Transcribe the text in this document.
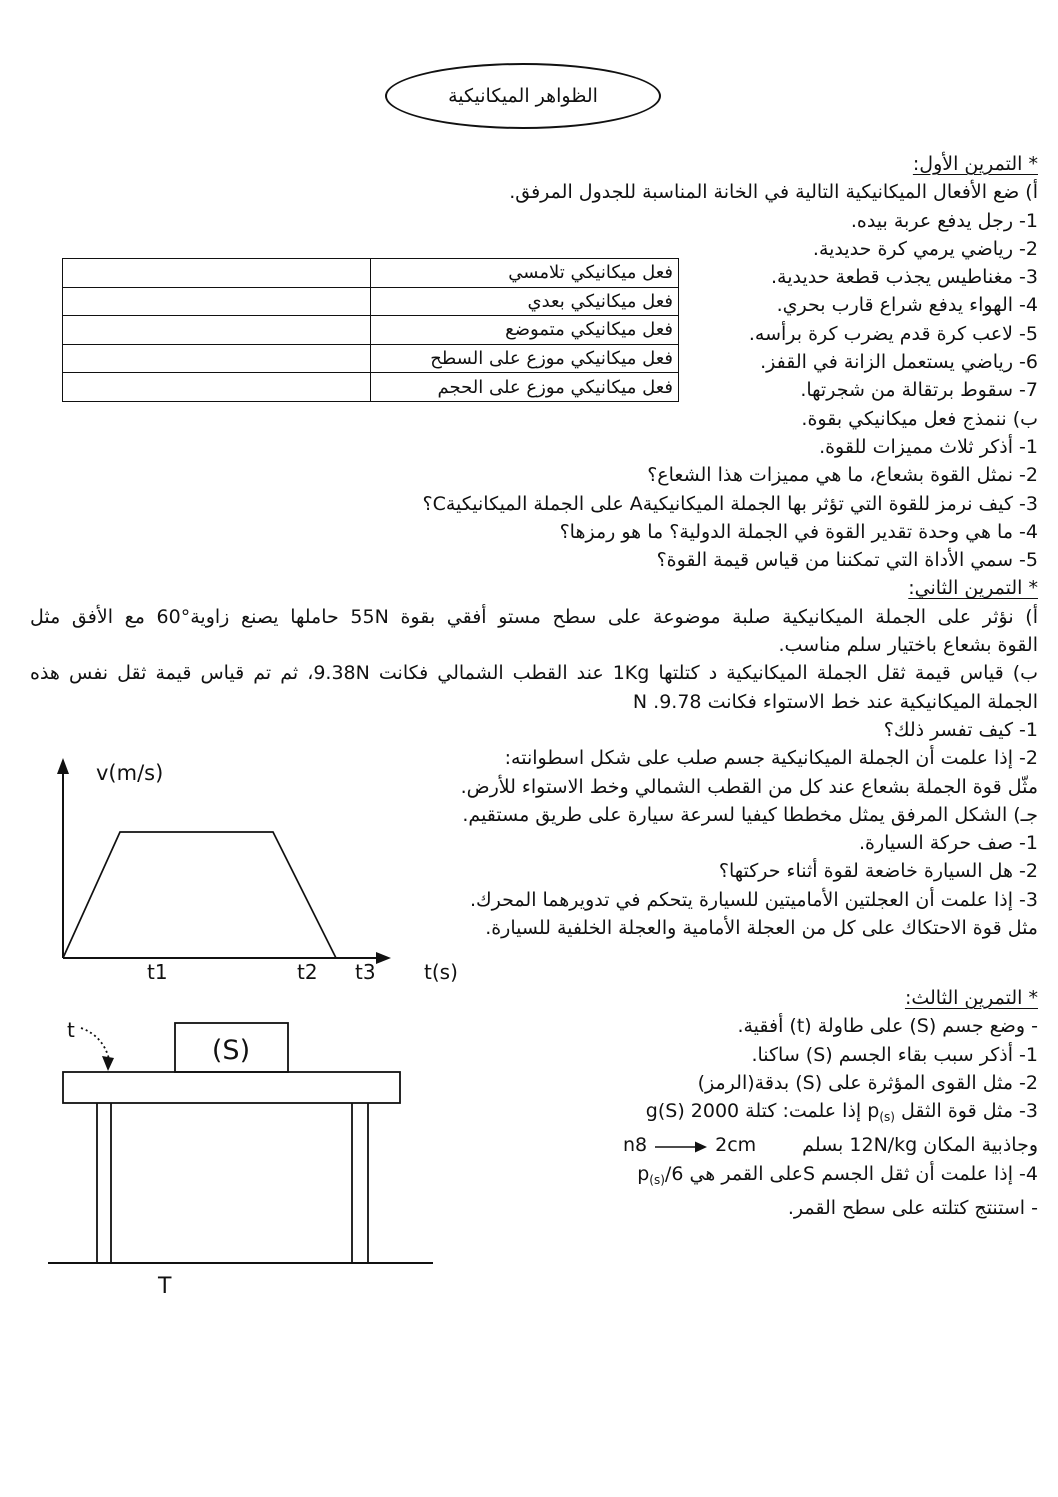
الظواهر الميكانيكية
* التمرين الأول:
أ) ضع الأفعال الميكانيكية التالية في الخانة المناسبة للجدول المرفق.
1- رجل يدفع عربة بيده.
2- رياضي يرمي كرة حديدية.
3- مغناطيس يجذب قطعة حديدية.
4- الهواء يدفع شراع قارب بحري.
5- لاعب كرة قدم يضرب كرة برأسه.
6- رياضي يستعمل الزانة في القفز.
7- سقوط برتقالة من شجرتها.
ب) ننمذج فعل ميكانيكي بقوة.
1- أذكر ثلاث مميزات للقوة.
2- نمثل القوة بشعاع، ما هي مميزات هذا الشعاع؟
3- كيف نرمز للقوة التي تؤثر بها الجملة الميكانيكيةA على الجملة الميكانيكيةC؟
4- ما هي وحدة تقدير القوة في الجملة الدولية؟ ما هو رمزها؟
5- سمي الأداة التي تمكننا من قياس قيمة القوة؟
* التمرين الثاني:
أ) نؤثر على الجملة الميكانيكية صلبة موضوعة على سطح مستو أفقي بقوة 55N حاملها يصنع زاوية°60 مع الأفق مثل
القوة بشعاع باختيار سلم مناسب.
ب) قياس قيمة ثقل الجملة الميكانيكية د كتلتها 1Kg عند القطب الشمالي فكانت 9.38N، ثم تم قياس قيمة ثقل نفس هذه
الجملة الميكانيكية عند خط الاستواء فكانت 9.78. N
1- كيف تفسر ذلك؟
2- إذا علمت أن الجملة الميكانيكية جسم صلب على شكل اسطوانته:
مثّل قوة الجملة بشعاع عند كل من القطب الشمالي وخط الاستواء للأرض.
جـ) الشكل المرفق يمثل مخططا كيفيا لسرعة سيارة على طريق مستقيم.
1- صف حركة السيارة.
2- هل السيارة خاضعة لقوة أثناء حركتها؟
3- إذا علمت أن العجلتين الأماميتين للسيارة يتحكم في تدويرهما المحرك.
مثل قوة الاحتكاك على كل من العجلة الأمامية والعجلة الخلفية للسيارة.
فعل ميكانيكي تلامسي	
فعل ميكانيكي بعدي	
فعل ميكانيكي متموضع	
فعل ميكانيكي موزع على السطح	
فعل ميكانيكي موزع على الحجم	
v(m/s)
t1	t2 t3 t(s)
* التمرين الثالث:
- وضع جسم (S) على طاولة (t) أفقية.
1- أذكر سبب بقاء الجسم (S) ساكنا.
2- مثل القوى المؤثرة على (S) بدقة(الرمز)
3- مثل قوة الثقل $p_{(s)}$ إذا علمت: كتلة 2000 g(S)
وجاذبية المكان 12N/kg بسلم
n8	2cm
4- إذا علمت أن ثقل الجسم Sعلى القمر هي $p_{(s)}/6$
- استنتج كتلته على سطح القمر.
(S)
T
t
